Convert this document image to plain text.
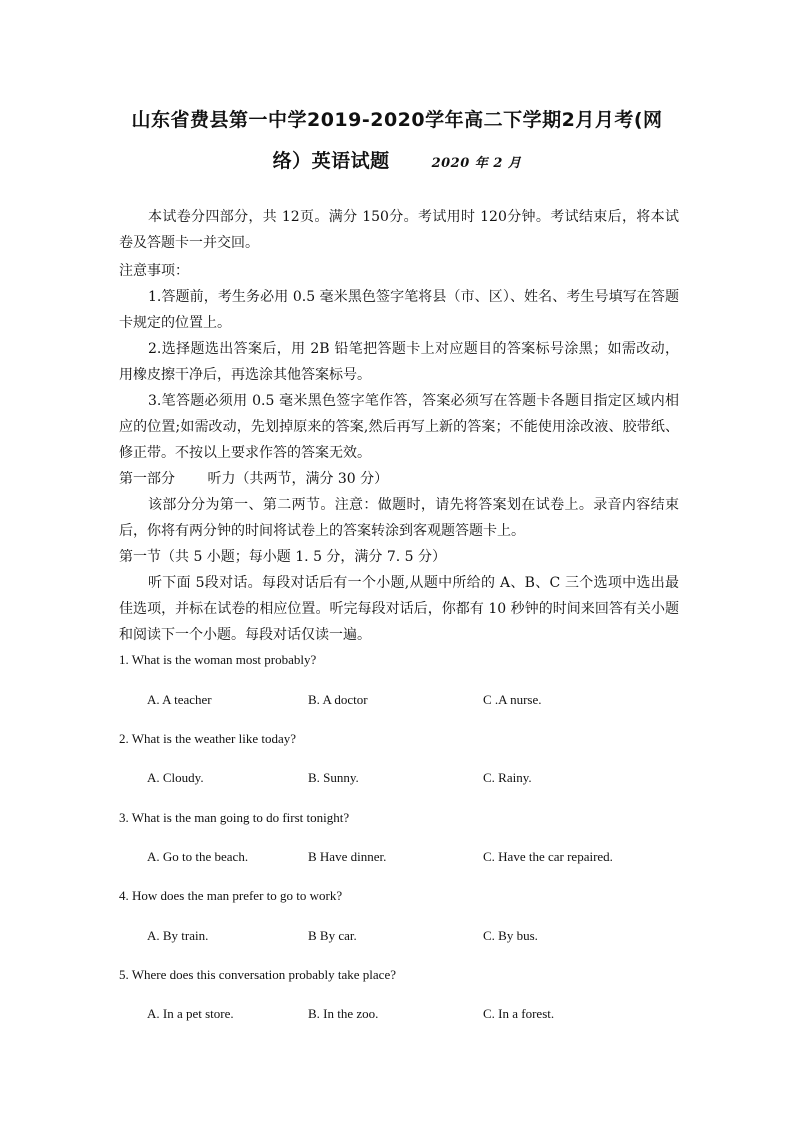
山东省费县第一中学2019-2020学年高二下学期2月月考(网
络）英语试题	2020 年 2 月
本试卷分四部分，共 12页。满分 150分。考试用时 120分钟。考试结束后，将本试卷及答题卡一并交回。
注意事项：
1.答题前，考生务必用 0.5 毫米黑色签字笔将县（市、区）、姓名、考生号填写在答题卡规定的位置上。
2.选择题选出答案后，用 2B 铅笔把答题卡上对应题目的答案标号涂黑；如需改动，用橡皮擦干净后，再选涂其他答案标号。
3.笔答题必须用 0.5 毫米黑色签字笔作答，答案必须写在答题卡各题目指定区域内相应的位置;如需改动，先划掉原来的答案,然后再写上新的答案；不能使用涂改液、胶带纸、修正带。不按以上要求作答的答案无效。
第一部分　　 听力（共两节，满分 30 分）
该部分分为第一、第二两节。注意：做题时，请先将答案划在试卷上。录音内容结束后，你将有两分钟的时间将试卷上的答案转涂到客观题答题卡上。
第一节（共 5 小题；每小题 1. 5 分，满分 7. 5 分）
听下面 5段对话。每段对话后有一个小题,从题中所给的 A、B、C 三个选项中选出最佳选项，并标在试卷的相应位置。听完每段对话后，你都有 10 秒钟的时间来回答有关小题和阅读下一个小题。每段对话仅读一遍。
1. What is the woman most probably?
A. A teacher	B. A doctor	C .A nurse.
2. What is the weather like today?
A. Cloudy.	B. Sunny.	C. Rainy.
3. What is the man going to do first tonight?
A. Go to the beach.	B Have dinner.	C. Have the car repaired.
4. How does the man prefer to go to work?
A. By train.	B By car.	C. By bus.
5. Where does this conversation probably take place?
A. In a pet store.	B. In the zoo.	C. In a forest.
